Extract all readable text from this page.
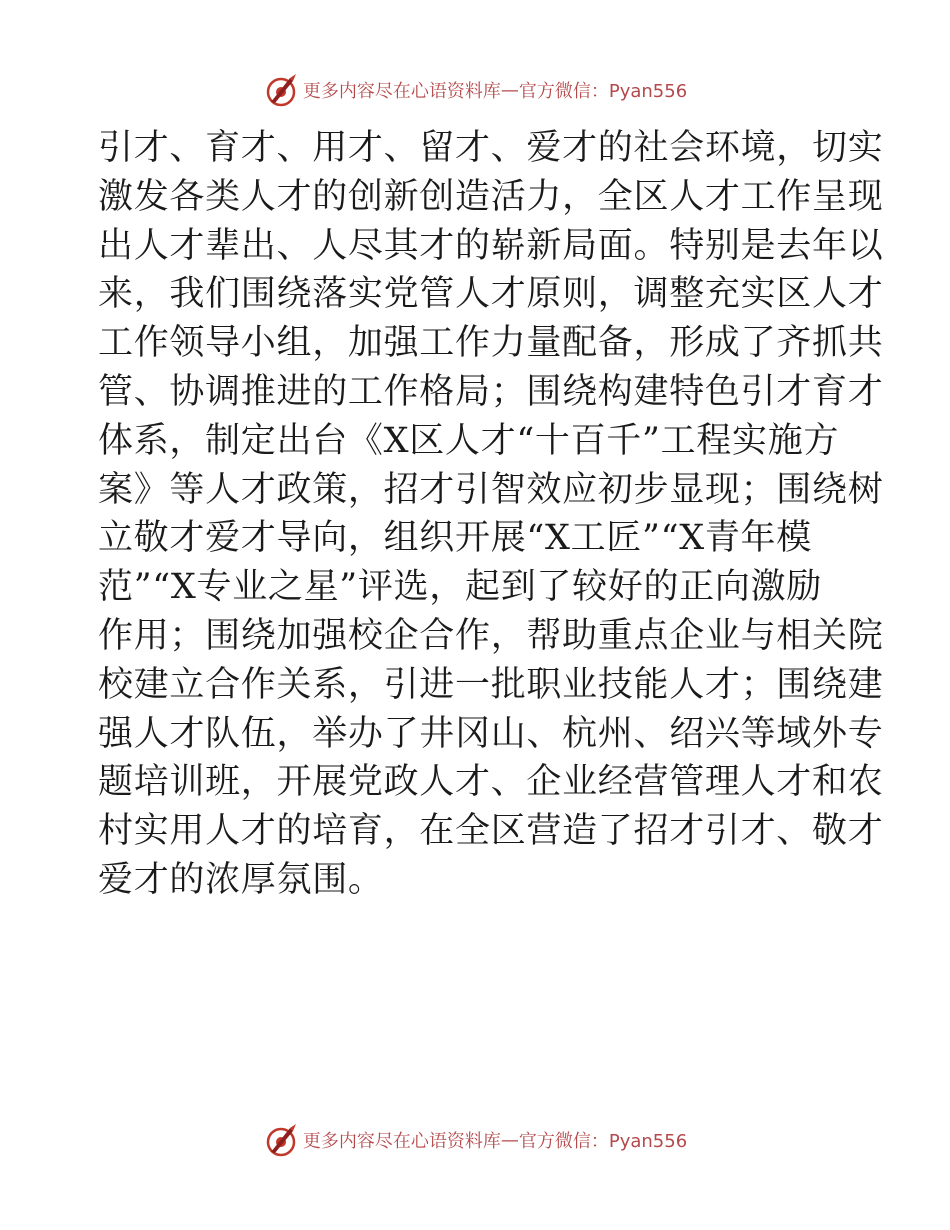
更多内容尽在心语资料库 — 官方微信：Pyan556
引才、育才、用才、留才、爱才的社会环境，切实
激发各类人才的创新创造活力，全区人才工作呈现
出人才辈出、人尽其才的崭新局面。特别是去年以
来，我们围绕落实党管人才原则，调整充实区人才
工作领导小组，加强工作力量配备，形成了齐抓共
管、协调推进的工作格局；围绕构建特色引才育才
体系，制定出台《X区人才“十百千”工程实施方
案》等人才政策，招才引智效应初步显现；围绕树
立敬才爱才导向，组织开展“X工匠”“X青年模
范”“X专业之星”评选，起到了较好的正向激励
作用；围绕加强校企合作，帮助重点企业与相关院
校建立合作关系，引进一批职业技能人才；围绕建
强人才队伍，举办了井冈山、杭州、绍兴等域外专
题培训班，开展党政人才、企业经营管理人才和农
村实用人才的培育，在全区营造了招才引才、敬才
爱才的浓厚氛围。
更多内容尽在心语资料库 — 官方微信：Pyan556
